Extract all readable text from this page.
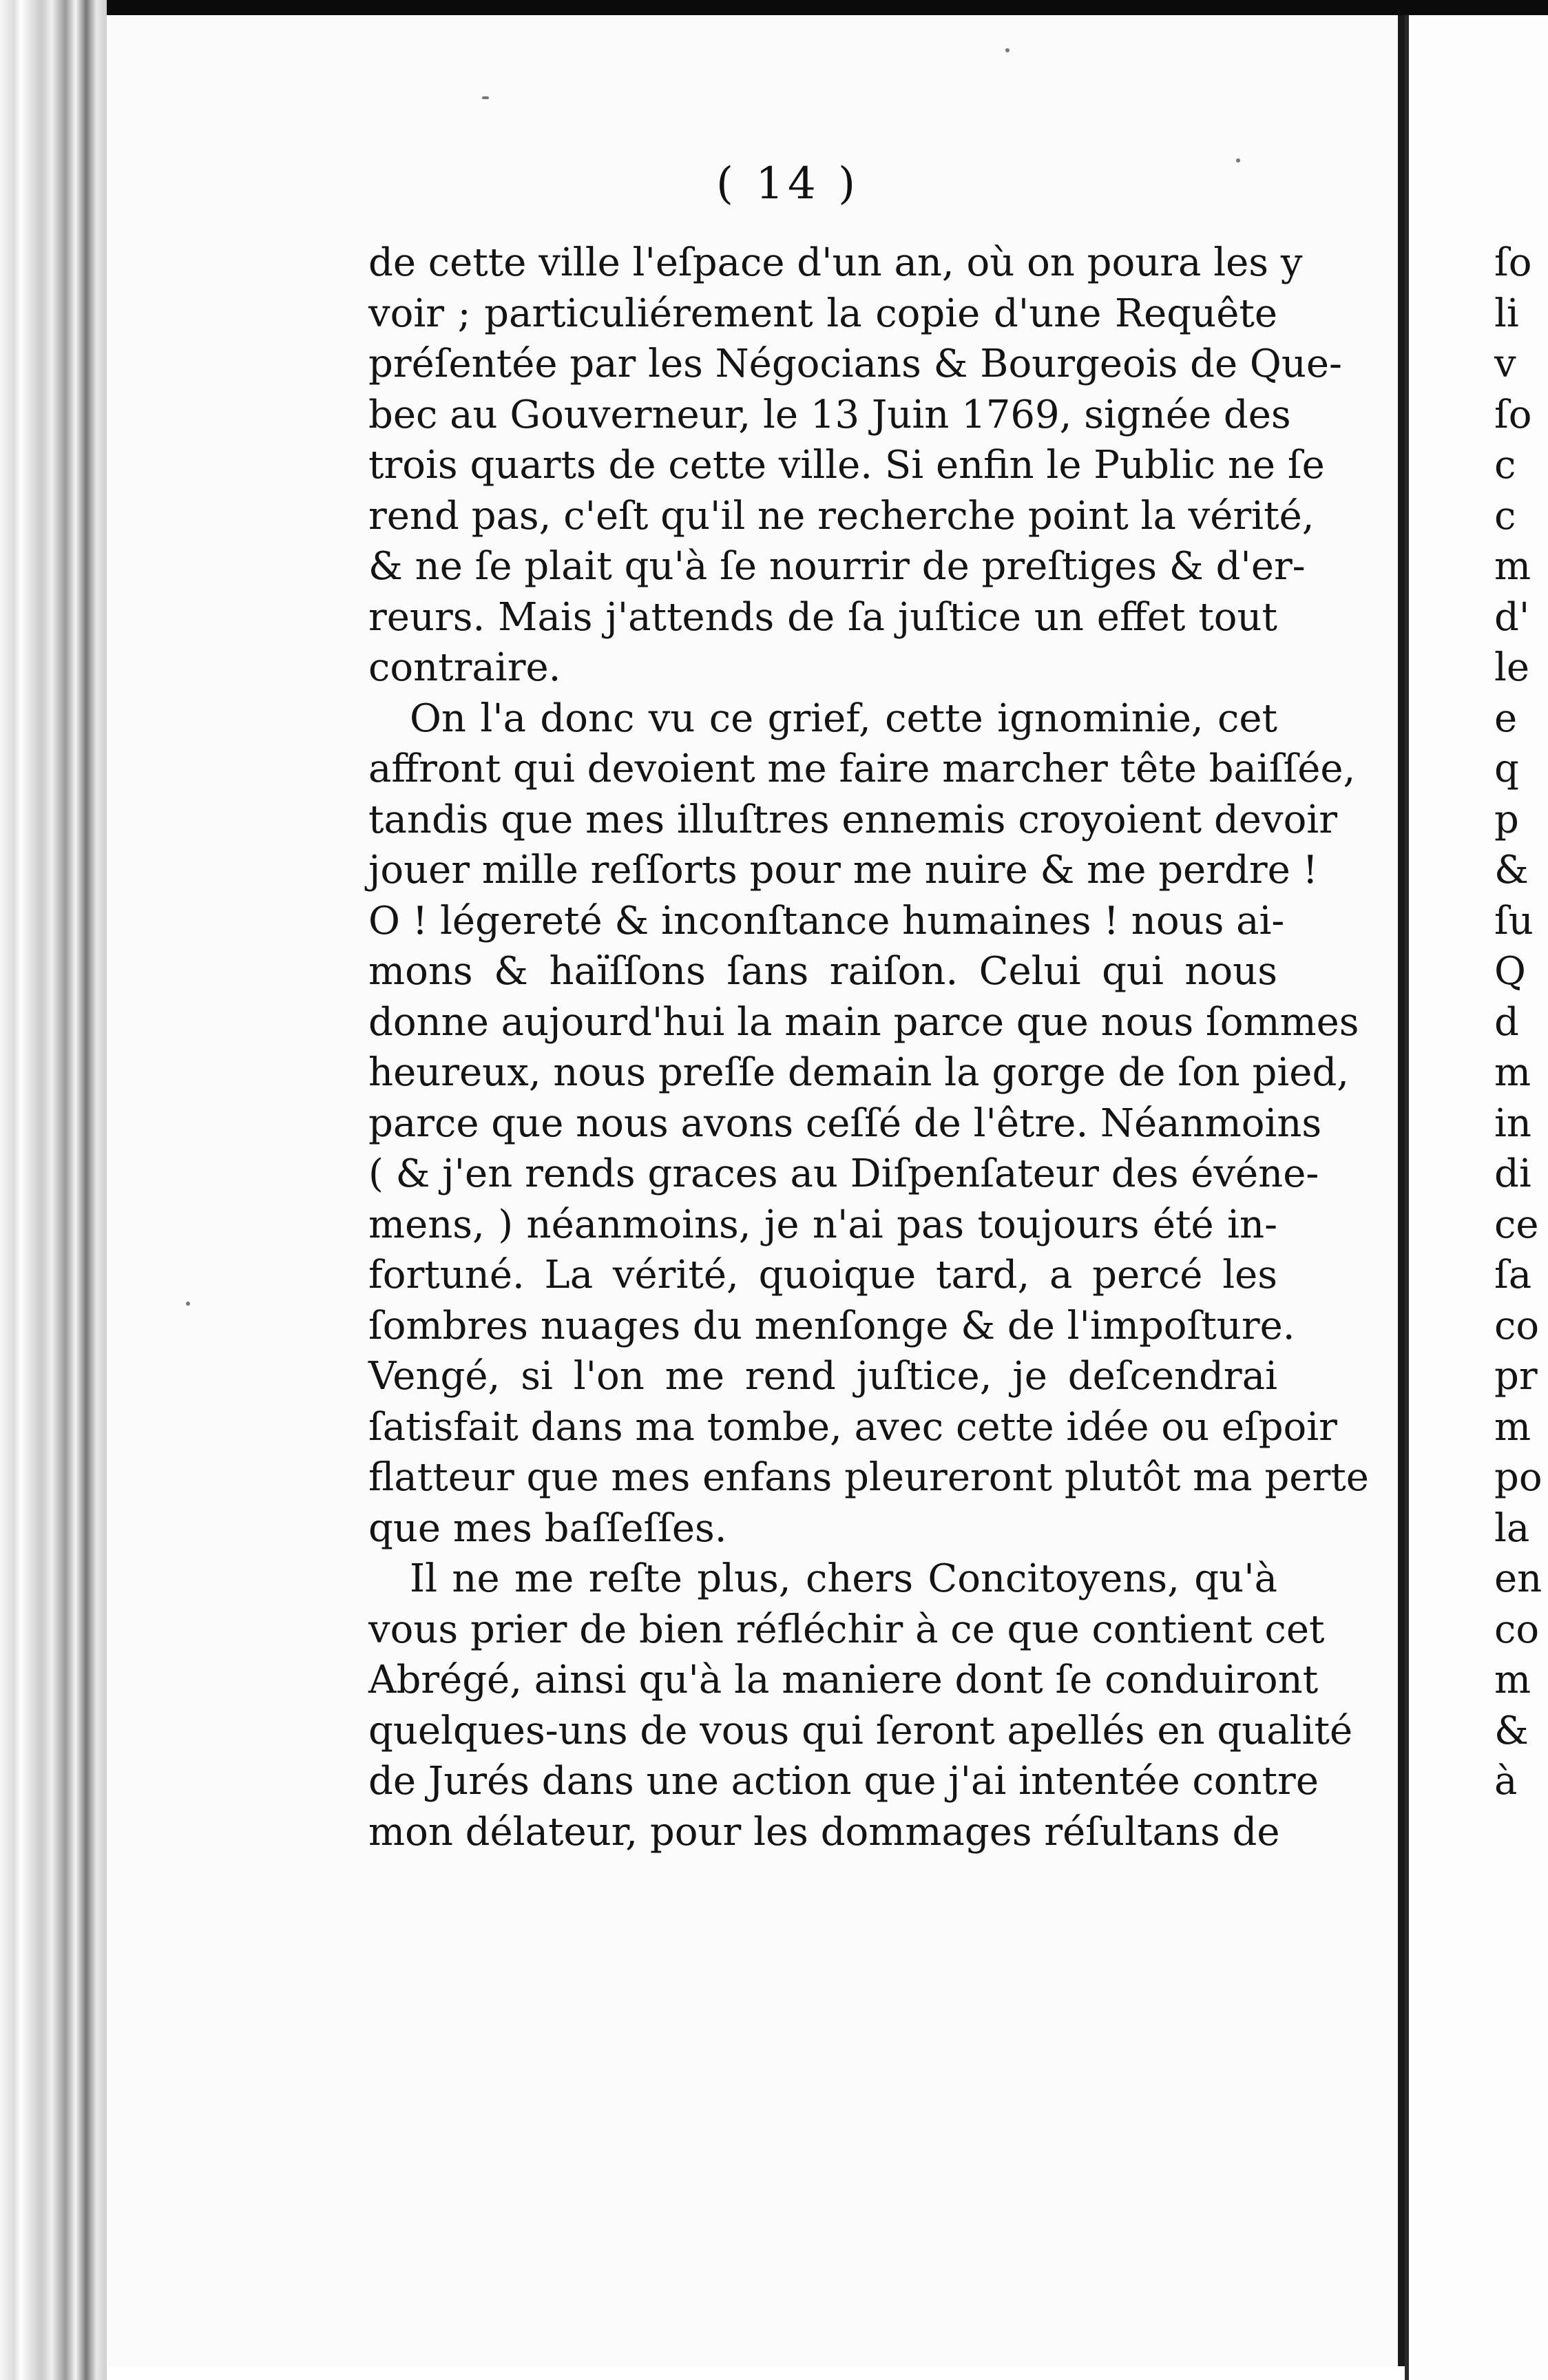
( 14 )
de cette ville l'eſpace d'un an, où on poura les y
voir ; particuliérement la copie d'une Requête
préſentée par les Négocians & Bourgeois de Que-
bec au Gouverneur, le 13 Juin 1769, signée des
trois quarts de cette ville. Si enfin le Public ne ſe
rend pas, c'eſt qu'il ne recherche point la vérité,
& ne ſe plait qu'à ſe nourrir de preſtiges & d'er-
reurs. Mais j'attends de ſa juſtice un effet tout
contraire.
On l'a donc vu ce grief, cette ignominie, cet
affront qui devoient me faire marcher tête baiſſée,
tandis que mes illuſtres ennemis croyoient devoir
jouer mille reſſorts pour me nuire & me perdre !
O ! légereté & inconſtance humaines ! nous ai-
mons & haïſſons ſans raiſon. Celui qui nous
donne aujourd'hui la main parce que nous ſommes
heureux, nous preſſe demain la gorge de ſon pied,
parce que nous avons ceſſé de l'être. Néanmoins
( & j'en rends graces au Diſpenſateur des événe-
mens, ) néanmoins, je n'ai pas toujours été in-
fortuné. La vérité, quoique tard, a percé les
ſombres nuages du menſonge & de l'impoſture.
Vengé, si l'on me rend juſtice, je deſcendrai
ſatisfait dans ma tombe, avec cette idée ou eſpoir
flatteur que mes enfans pleureront plutôt ma perte
que mes baſſeſſes.
Il ne me reſte plus, chers Concitoyens, qu'à
vous prier de bien réfléchir à ce que contient cet
Abrégé, ainsi qu'à la maniere dont ſe conduiront
quelques-uns de vous qui ſeront apellés en qualité
de Jurés dans une action que j'ai intentée contre
mon délateur, pour les dommages réſultans de
ſo
li
v
ſo
c
c
m
d'
le
e
q
p
&
ſu
Q
d
m
in
di
ce
ſa
co
pr
m
po
la
en
co
m
&
à
